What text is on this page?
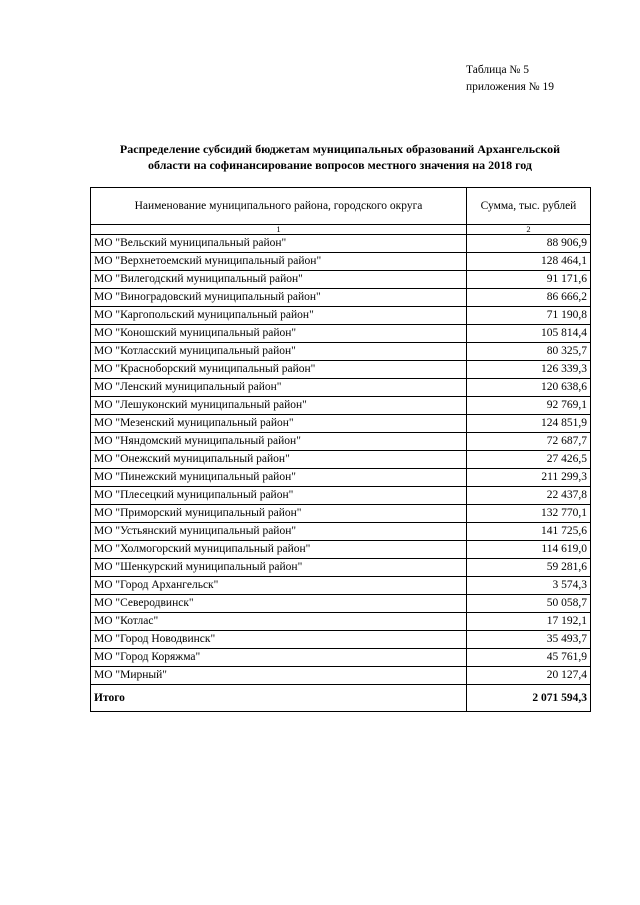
Таблица № 5
приложения № 19
Распределение субсидий бюджетам муниципальных образований Архангельской
области на софинансирование вопросов местного значения на 2018 год
Наименование муниципального района, городского округа	Сумма, тыс. рублей
1	2
МО "Вельский муниципальный район"	88 906,9
МО "Верхнетоемский муниципальный район"	128 464,1
МО "Вилегодский муниципальный район"	91 171,6
МО "Виноградовский муниципальный район"	86 666,2
МО "Каргопольский муниципальный район"	71 190,8
МО "Коношский муниципальный район"	105 814,4
МО "Котласский муниципальный район"	80 325,7
МО "Красноборский муниципальный район"	126 339,3
МО "Ленский муниципальный район"	120 638,6
МО "Лешуконский муниципальный район"	92 769,1
МО "Мезенский муниципальный район"	124 851,9
МО "Няндомский муниципальный район"	72 687,7
МО "Онежский муниципальный район"	27 426,5
МО "Пинежский муниципальный район"	211 299,3
МО "Плесецкий муниципальный район"	22 437,8
МО "Приморский муниципальный район"	132 770,1
МО "Устьянский муниципальный район"	141 725,6
МО "Холмогорский муниципальный район"	114 619,0
МО "Шенкурский муниципальный район"	59 281,6
МО "Город Архангельск"	3 574,3
МО "Северодвинск"	50 058,7
МО "Котлас"	17 192,1
МО "Город Новодвинск"	35 493,7
МО "Город Коряжма"	45 761,9
МО "Мирный"	20 127,4
Итого	2 071 594,3
